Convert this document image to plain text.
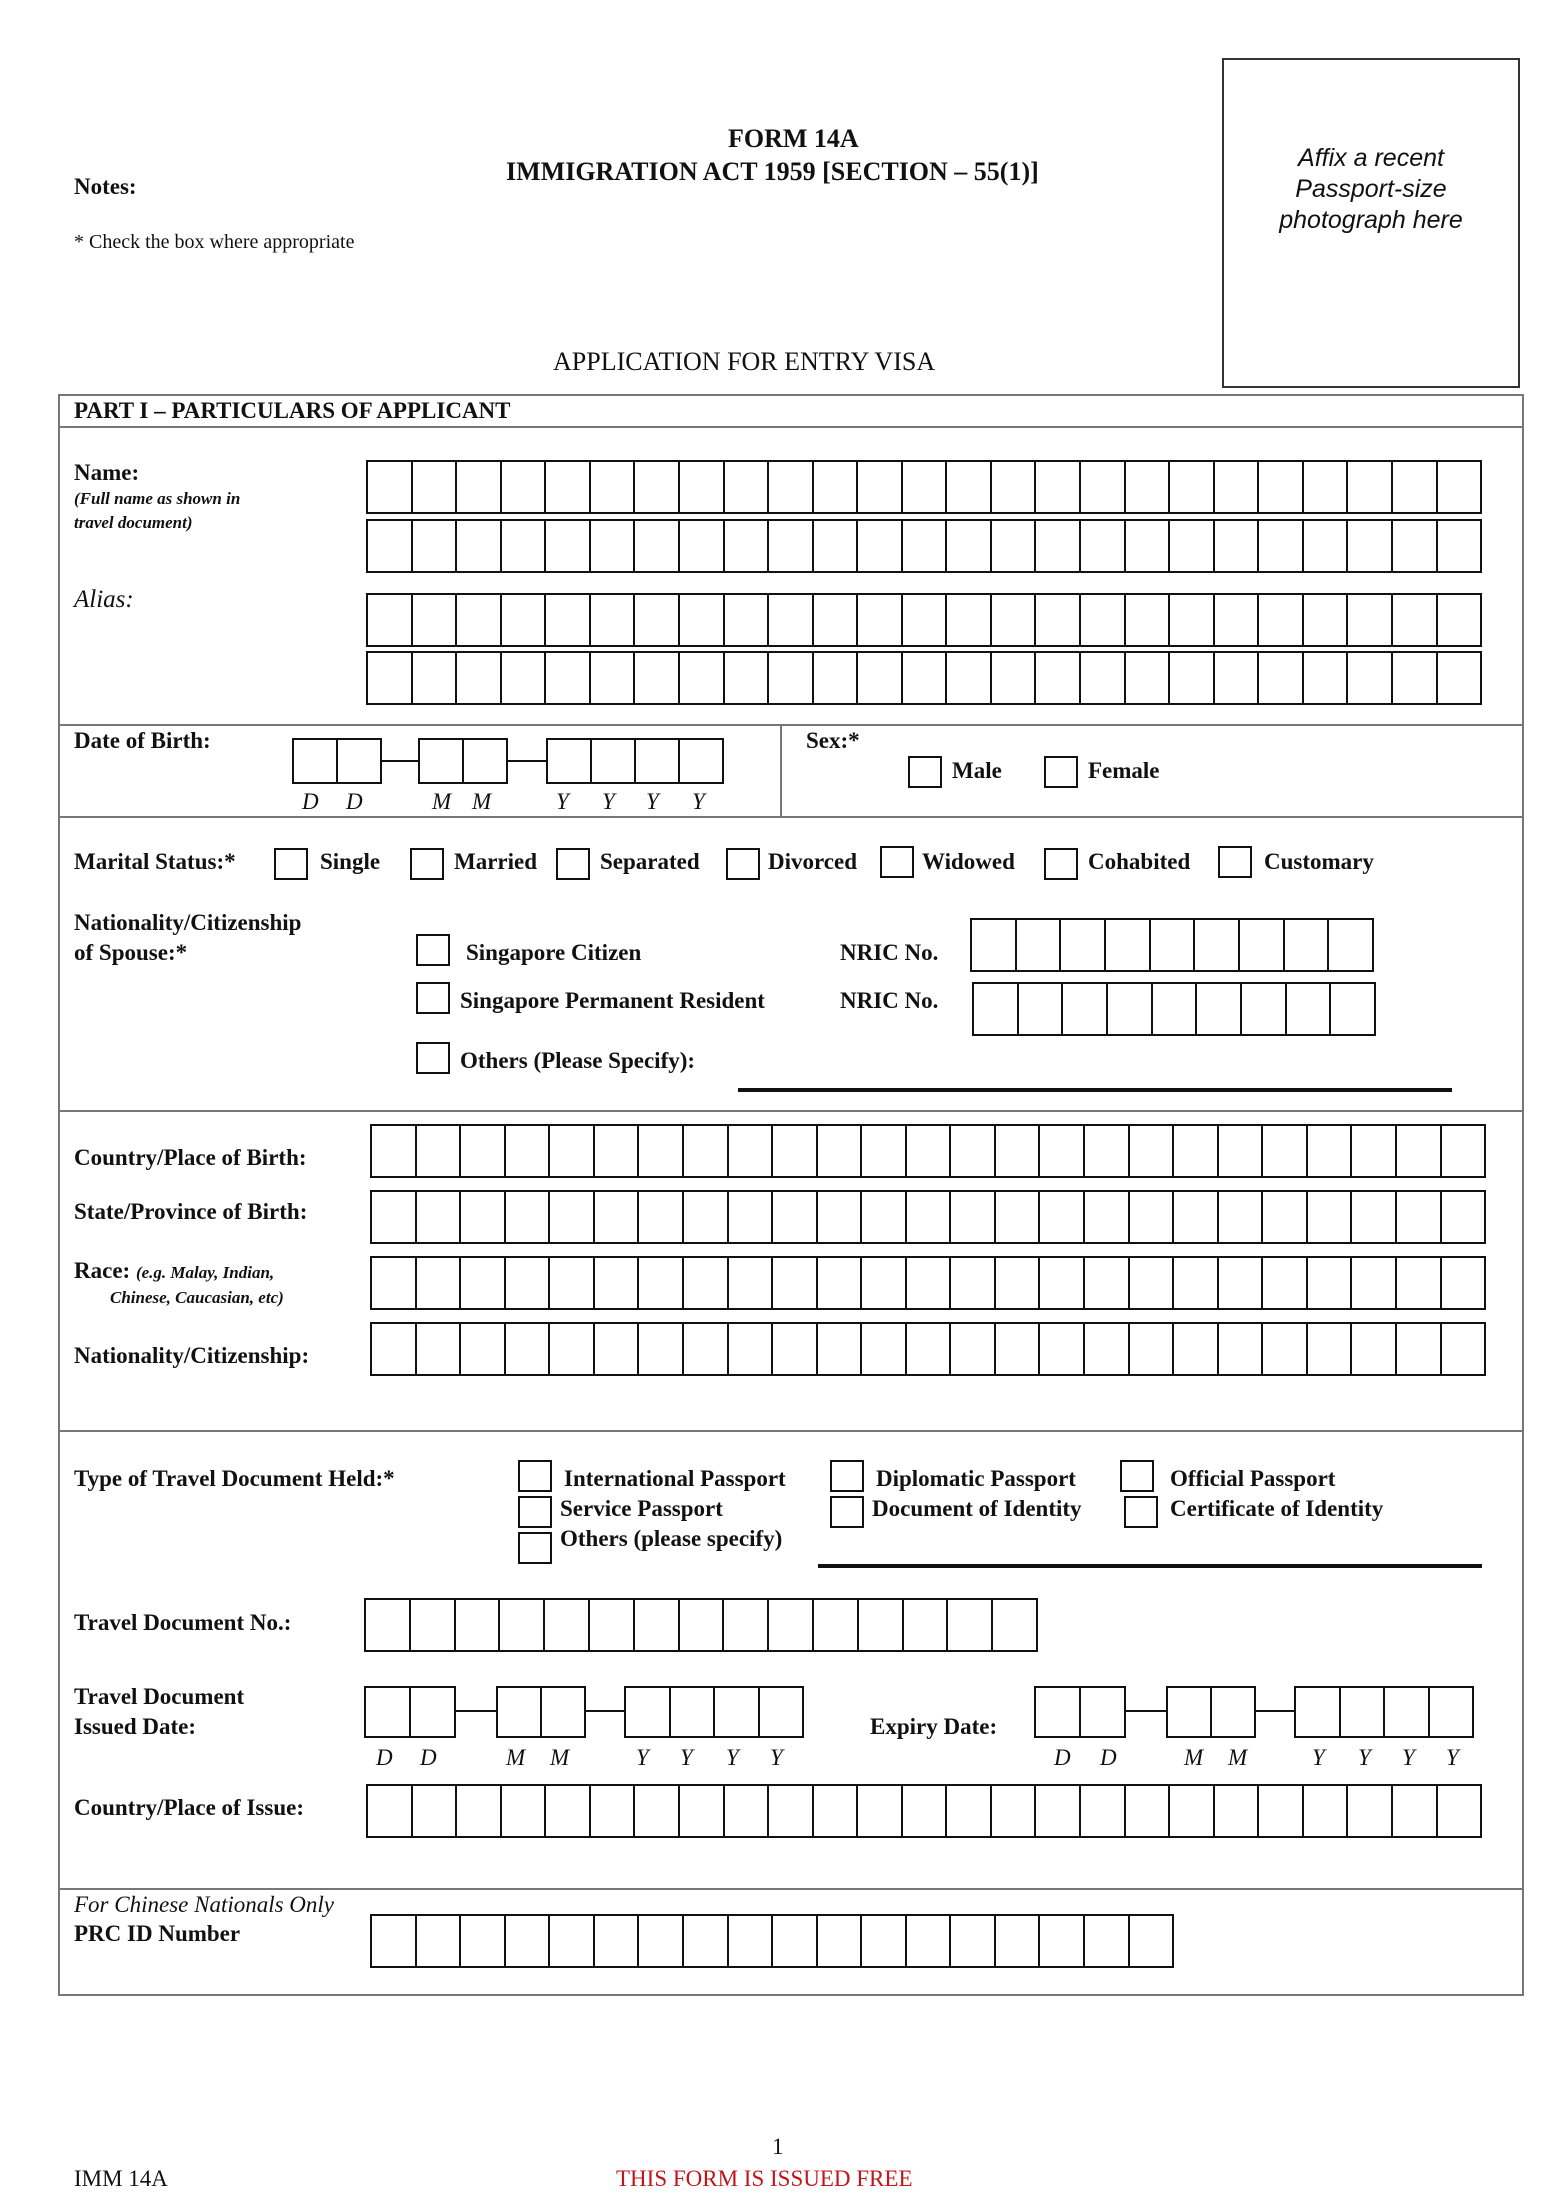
FORM 14A
IMMIGRATION ACT 1959 [SECTION – 55(1)]
Notes:
* Check the box where appropriate
Affix a recent
Passport-size
photograph here
APPLICATION FOR ENTRY VISA
PART I – PARTICULARS OF APPLICANT
Name:
(Full name as shown in
travel document)
Alias:
Date of Birth:
D D	M M	Y Y Y Y
Sex:*
Male	Female
Marital Status:*	Single	Married	Separated	Divorced	Widowed	Cohabited	Customary
Nationality/Citizenship
of Spouse:*	Singapore Citizen	NRIC No.
Singapore Permanent Resident	NRIC No.
Others (Please Specify):
Country/Place of Birth:
State/Province of Birth:
Race: (e.g. Malay, Indian,
Chinese, Caucasian, etc)
Nationality/Citizenship:
Type of Travel Document Held:*	International Passport	Diplomatic Passport	Official Passport
Service Passport	Document of Identity	Certificate of Identity
Others (please specify)
Travel Document No.:
Travel Document
Issued Date:
D D	M M	Y Y Y Y
Expiry Date:
D D	M M	Y Y Y Y
Country/Place of Issue:
For Chinese Nationals Only
PRC ID Number
1
IMM 14A	THIS FORM IS ISSUED FREE
